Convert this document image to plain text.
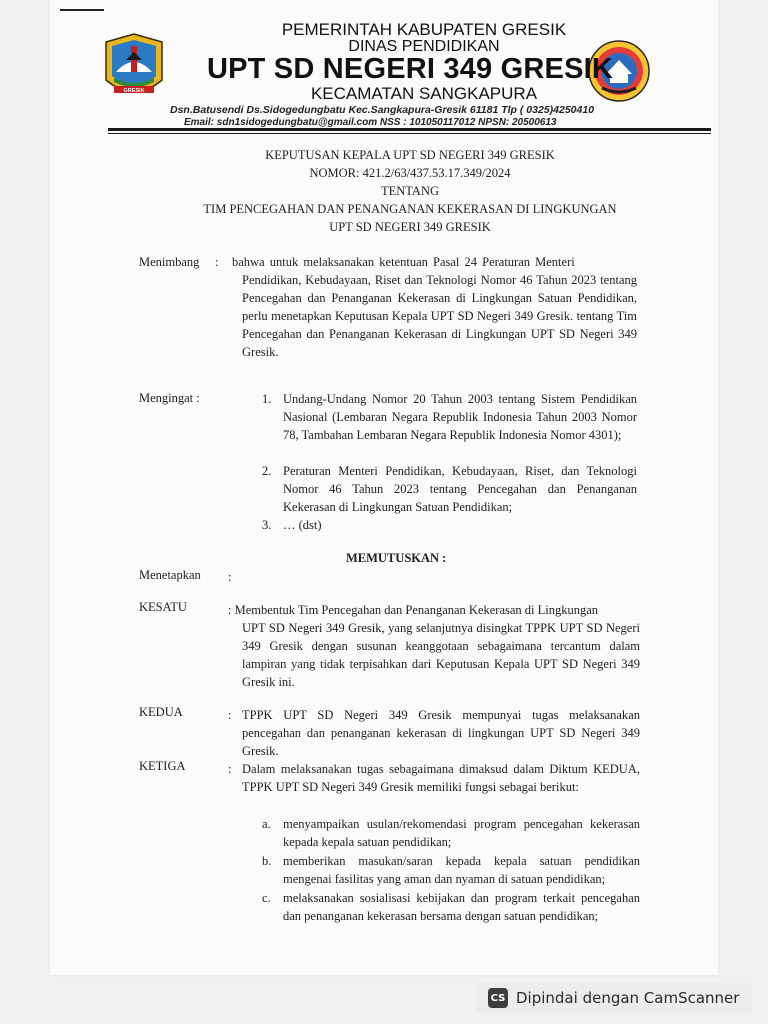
GRESIK
PEMERINTAH KABUPATEN GRESIK
DINAS PENDIDIKAN
UPT SD NEGERI 349 GRESIK
KECAMATAN SANGKAPURA
Dsn.Batusendi Ds.Sidogedungbatu Kec.Sangkapura-Gresik 61181 Tlp ( 0325)4250410
Email: sdn1sidogedungbatu@gmail.com NSS : 101050117012 NPSN: 20500613
KEPUTUSAN KEPALA UPT SD NEGERI 349 GRESIK
NOMOR: 421.2/63/437.53.17.349/2024
TENTANG
TIM PENCEGAHAN DAN PENANGANAN KEKERASAN DI LINGKUNGAN
UPT SD NEGERI 349 GRESIK
Menimbang : bahwa untuk melaksanakan ketentuan Pasal 24 Peraturan Menteri
Pendidikan, Kebudayaan, Riset dan Teknologi Nomor 46 Tahun 2023 tentang Pencegahan dan Penanganan Kekerasan di Lingkungan Satuan Pendidikan, perlu menetapkan Keputusan Kepala UPT SD Negeri 349 Gresik. tentang Tim Pencegahan dan Penanganan Kekerasan di Lingkungan UPT SD Negeri 349 Gresik.
Mengingat :	1. Undang-Undang Nomor 20 Tahun 2003 tentang Sistem Pendidikan Nasional (Lembaran Negara Republik Indonesia Tahun 2003 Nomor 78, Tambahan Lembaran Negara Republik Indonesia Nomor 4301);
2. Peraturan Menteri Pendidikan, Kebudayaan, Riset, dan Teknologi Nomor 46 Tahun 2023 tentang Pencegahan dan Penanganan Kekerasan di Lingkungan Satuan Pendidikan;
3. … (dst)
MEMUTUSKAN :
Menetapkan :
KESATU	: Membentuk Tim Pencegahan dan Penanganan Kekerasan di Lingkungan
UPT SD Negeri 349 Gresik, yang selanjutnya disingkat TPPK UPT SD Negeri 349 Gresik dengan susunan keanggotaan sebagaimana tercantum dalam lampiran yang tidak terpisahkan dari Keputusan Kepala UPT SD Negeri 349 Gresik ini.
KEDUA	: TPPK UPT SD Negeri 349 Gresik mempunyai tugas melaksanakan pencegahan dan penanganan kekerasan di lingkungan UPT SD Negeri 349 Gresik.
KETIGA	: Dalam melaksanakan tugas sebagaimana dimaksud dalam Diktum KEDUA, TPPK UPT SD Negeri 349 Gresik memiliki fungsi sebagai berikut:
a. menyampaikan usulan/rekomendasi program pencegahan kekerasan kepada kepala satuan pendidikan;
b. memberikan masukan/saran kepada kepala satuan pendidikan mengenai fasilitas yang aman dan nyaman di satuan pendidikan;
c. melaksanakan sosialisasi kebijakan dan program terkait pencegahan dan penanganan kekerasan bersama dengan satuan pendidikan;
CS Dipindai dengan CamScanner
